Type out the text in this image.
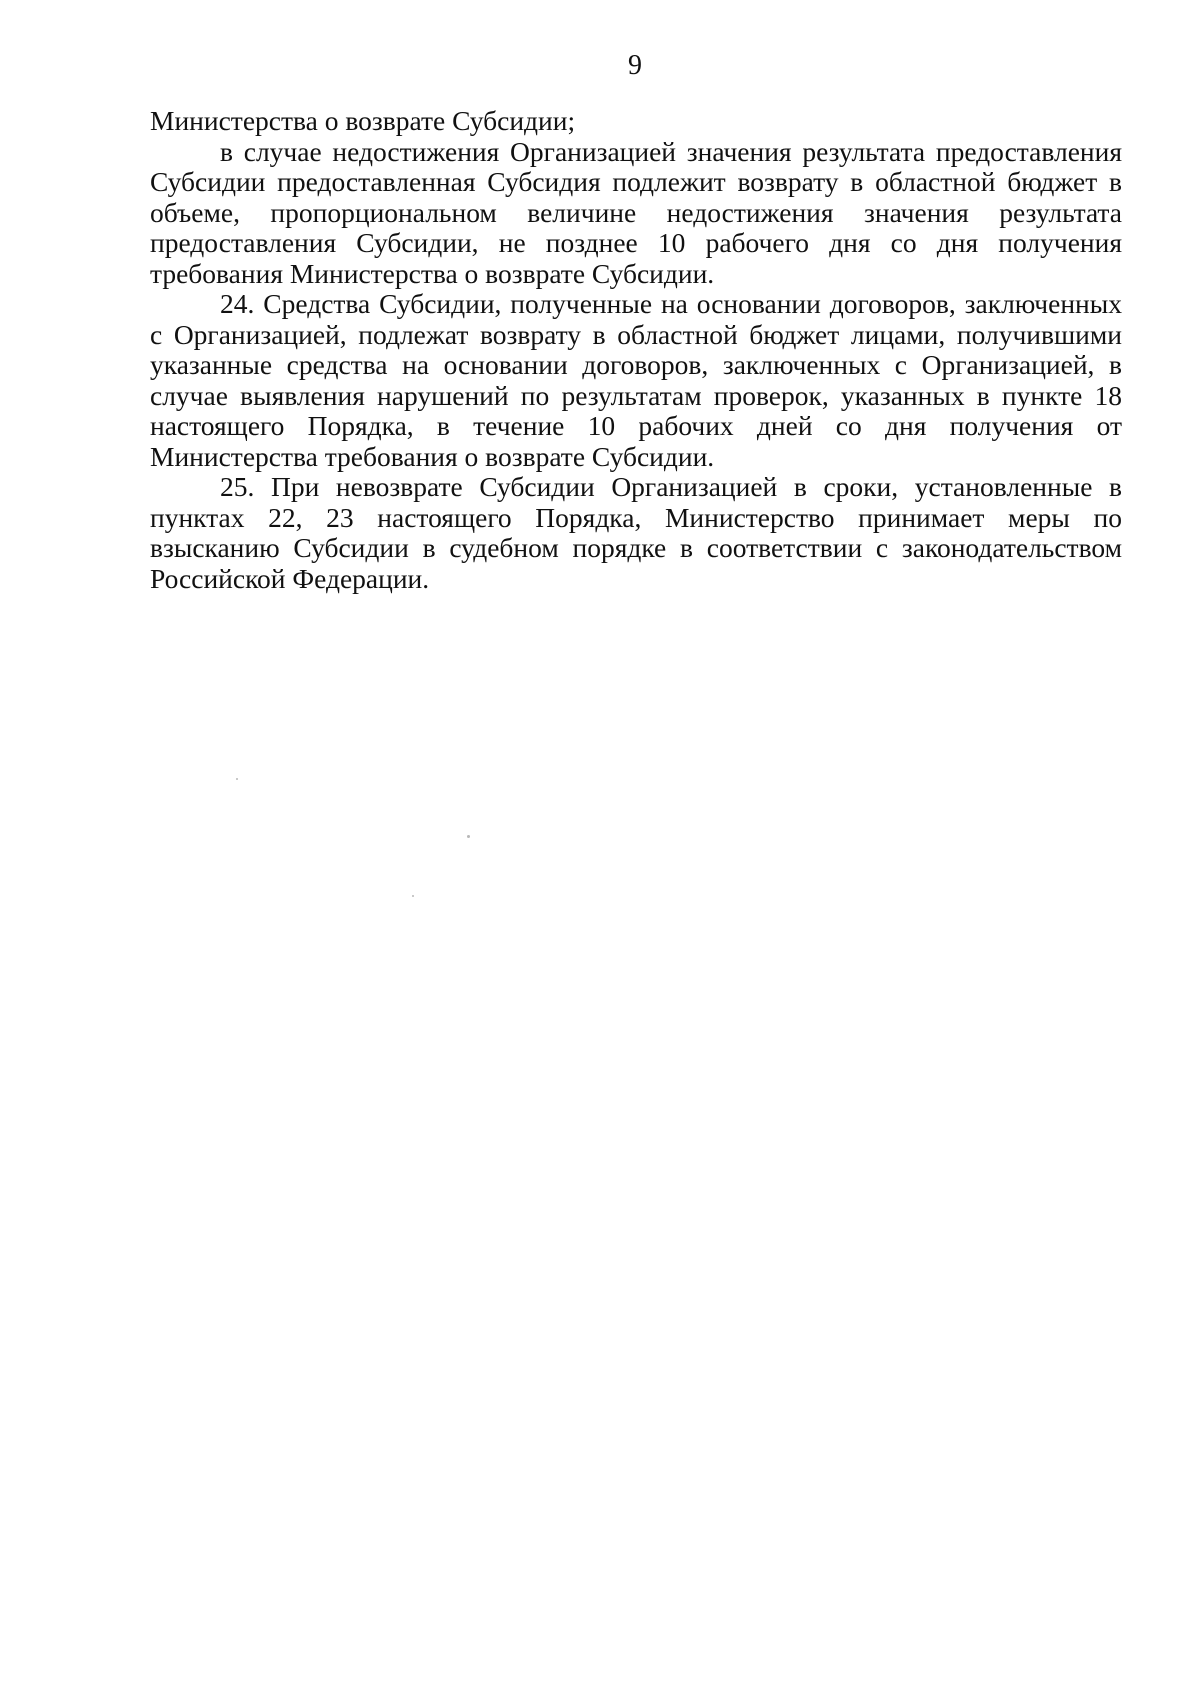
9

Министерства о возврате Субсидии;

в случае недостижения Организацией значения результата предоставления Субсидии предоставленная Субсидия подлежит возврату в областной бюджет в объеме, пропорциональном величине недостижения значения результата предоставления Субсидии, не позднее 10 рабочего дня со дня получения требования Министерства о возврате Субсидии.

24. Средства Субсидии, полученные на основании договоров, заключенных с Организацией, подлежат возврату в областной бюджет лицами, получившими указанные средства на основании договоров, заключенных с Организацией, в случае выявления нарушений по результатам проверок, указанных в пункте 18 настоящего Порядка, в течение 10 рабочих дней со дня получения от Министерства требования о возврате Субсидии.

25. При невозврате Субсидии Организацией в сроки, установленные в пунктах 22, 23 настоящего Порядка, Министерство принимает меры по взысканию Субсидии в судебном порядке в соответствии с законодательством Российской Федерации.
